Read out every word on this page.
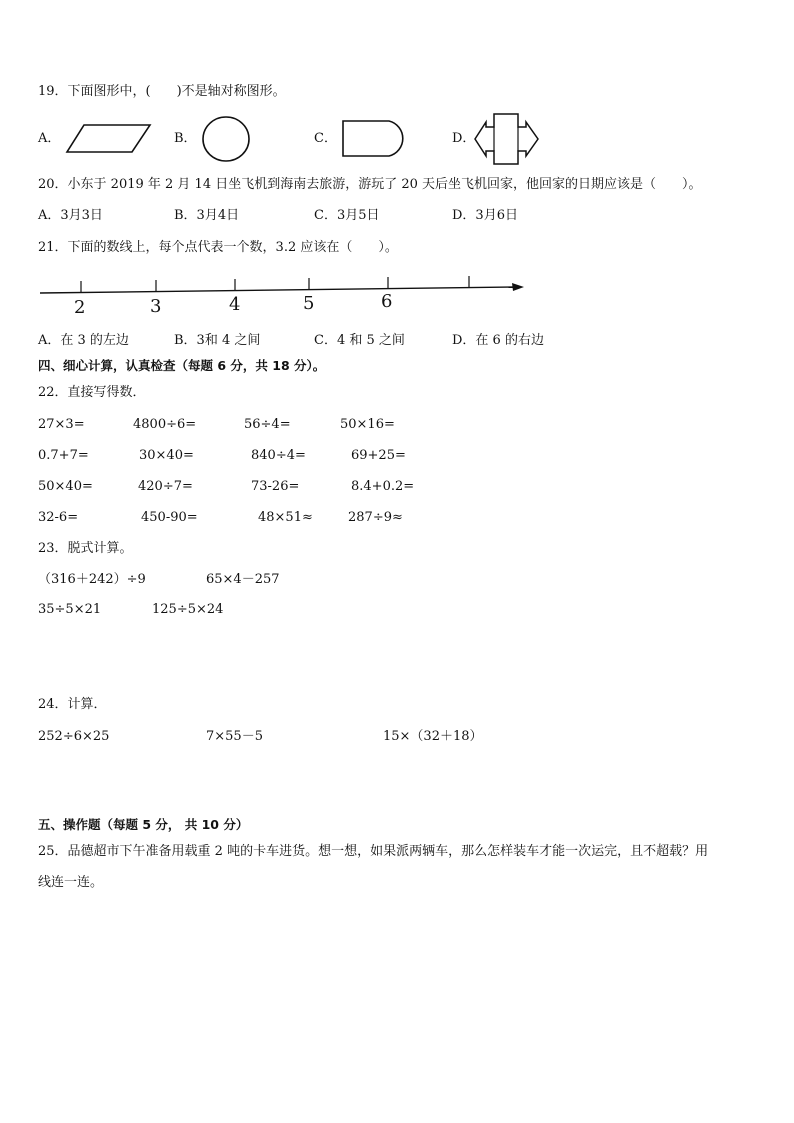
19．下面图形中，(　　)不是轴对称图形。
A．	B．	C．	D．
20．小东于 2019 年 2 月 14 日坐飞机到海南去旅游，游玩了 20 天后坐飞机回家，他回家的日期应该是（　　）。
A．3月3日	B．3月4日	C．3月5日	D．3月6日
21．下面的数线上，每个点代表一个数，3.2 应该在（　　）。
2	3	4	5	6
A．在 3 的左边	B．3和 4 之间	C．4 和 5 之间	D．在 6 的右边
四、细心计算，认真检查（每题 6 分，共 18 分）。
22．直接写得数．
27×3=	4800÷6=	56÷4=	50×16=
0.7+7=	30×40=	840÷4=	69+25=
50×40=	420÷7=	73-26=	8.4+0.2=
32-6=	450-90=	48×51≈	287÷9≈
23．脱式计算。
（316＋242）÷9	65×4－257
35÷5×21	125÷5×24
24．计算．
252÷6×25	7×55－5	15×（32＋18）
五、操作题（每题 5 分， 共 10 分）
25．品德超市下午准备用载重 2 吨的卡车进货。想一想，如果派两辆车，那么怎样装车才能一次运完，且不超载？用
线连一连。
